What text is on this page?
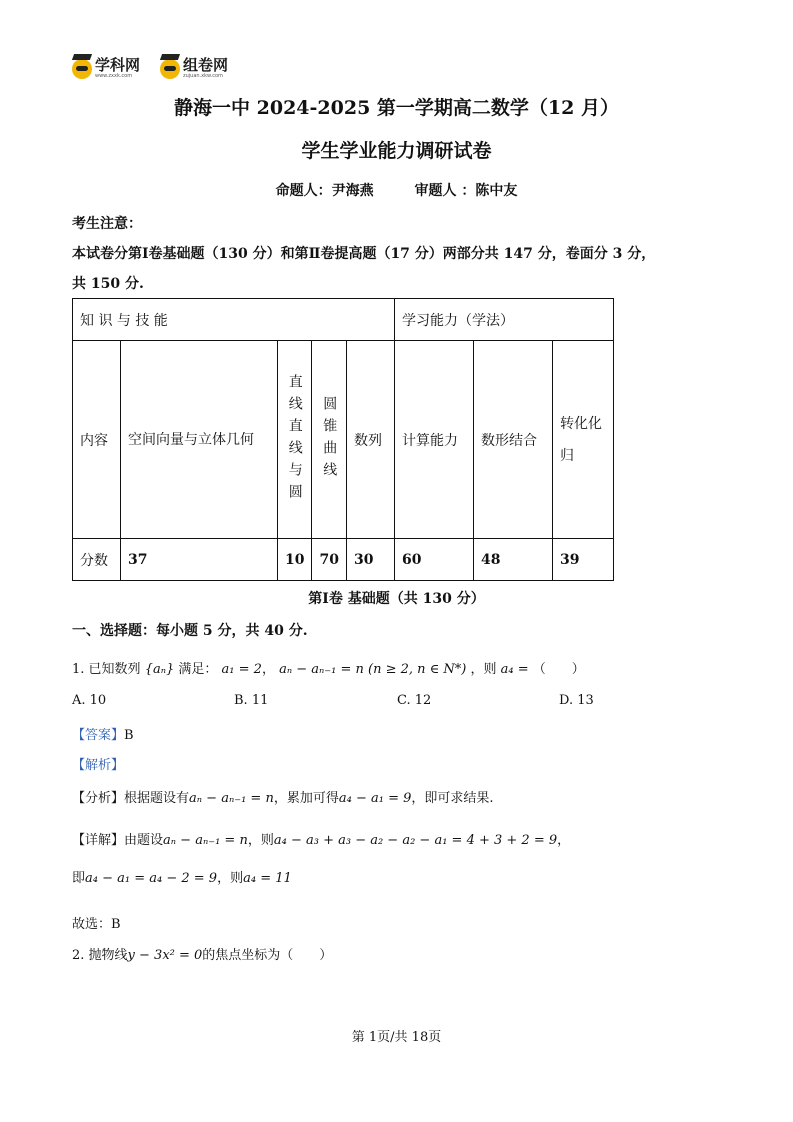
学科网
www.zxxk.com
组卷网
zujuan.xkw.com
静海一中 2024-2025 第一学期高二数学（12 月）
学生学业能力调研试卷
命题人：尹海燕	审题人 ：陈中友
考生注意：
本试卷分第Ⅰ卷基础题（130 分）和第Ⅱ卷提高题（17 分）两部分共 147 分，卷面分 3 分，
共 150 分.
知 识 与 技 能					学习能力（学法）		
内容	空间向量与立体几何	直线直线与圆	圆锥曲线	数列	计算能力	数形结合	转化化归
分数	37	10	70	30	60	48	39
第Ⅰ卷 基础题（共 130 分）
一、选择题：每小题 5 分，共 40 分.
1. 已知数列 {aₙ} 满足： a₁ = 2， aₙ − aₙ₋₁ = n (n ≥ 2, n ∈ N*) ，则 a₄ = （　　）
A. 10	B. 11	C. 12	D. 13
【答案】B
【解析】
【分析】根据题设有aₙ − aₙ₋₁ = n，累加可得a₄ − a₁ = 9，即可求结果.
【详解】由题设aₙ − aₙ₋₁ = n，则a₄ − a₃ + a₃ − a₂ − a₂ − a₁ = 4 + 3 + 2 = 9，
即a₄ − a₁ = a₄ − 2 = 9，则a₄ = 11
故选：B
2. 抛物线y − 3x² = 0的焦点坐标为（　　）
第 1页/共 18页
